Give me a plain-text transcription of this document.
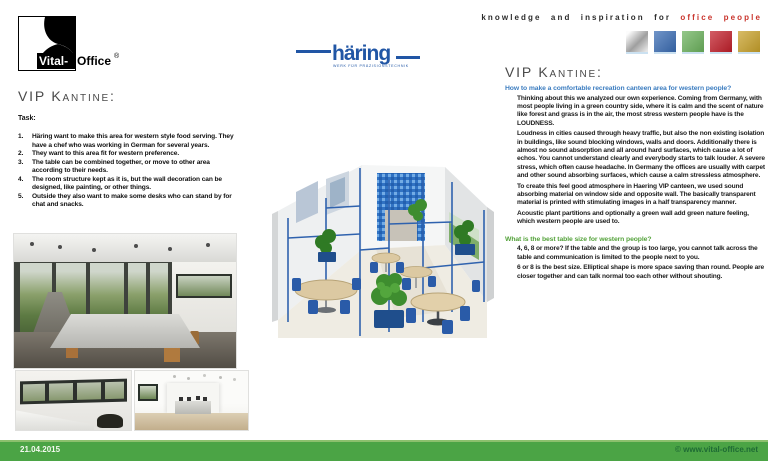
Vital- Office ®	häring
WERK FÜR PRÄZISIONSTECHNIK
knowledge and inspiration for office people
VIP Kantine:
Task:
Häring want to make this area for western style food serving. They have a chef who was working in German for several years.
They want to this area fit for western preference.
The table can be combined together, or move to other area according to their needs.
The room structure kept as it is, but the wall decoration can be designed, like painting, or other things.
Outside they also want to make some desks who can stand by for chat and snacks.
VIP Kantine:
How to make a comfortable recreation canteen area for western people?

Thinking about this we analyzed our own experience. Coming from Germany, with most people living in a green country side, where it is calm and the scent of nature like forest and grass is in the air, the most stress western people have is the LOUDNESS.

Loudness in cities caused through heavy traffic, but also the non existing isolation in buildings, like sound blocking windows, walls and doors. Additionally there is almost no sound absorption and all around hard surfaces, which cause a lot of echos. You cannot understand clearly and everybody starts to talk louder. A severe stress, which often cause headache. In Germany the offices are usually with carpet and other sound absorbing surfaces, which cause a calm stressless atmosphere.

To create this feel good atmosphere in Haering VIP canteen, we used sound absorbing material on window side and opposite wall. The basically transparent material is printed with stimulating images in a half transparency manner.

Acoustic plant partitions and optionally a green wall add green nature feeling, which western people are used to.

What is the best table size for western people?

4, 6, 8 or more? If the table and the group is too large, you cannot talk across the table and communication is limited to the people next to you.

6 or 8 is the best size. Elliptical shape is more space saving than round. People are closer together and can talk normal too each other without shouting.

21.04.2015	© www.vital-office.net
